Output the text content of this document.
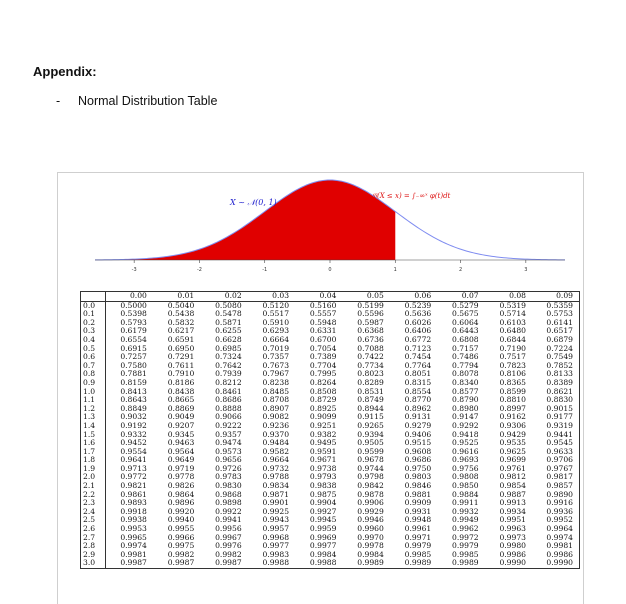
Appendix:
-	Normal Distribution Table
-3	-2	-1	0	1	2	3
X ~ 𝒩(0, 1)
𝔓(X ≤ x) = ∫₋∞ˣ φ(t)dt
	0.00	0.01	0.02	0.03	0.04	0.05	0.06	0.07	0.08	0.09
0.0	0.5000	0.5040	0.5080	0.5120	0.5160	0.5199	0.5239	0.5279	0.5319	0.5359
0.1	0.5398	0.5438	0.5478	0.5517	0.5557	0.5596	0.5636	0.5675	0.5714	0.5753
0.2	0.5793	0.5832	0.5871	0.5910	0.5948	0.5987	0.6026	0.6064	0.6103	0.6141
0.3	0.6179	0.6217	0.6255	0.6293	0.6331	0.6368	0.6406	0.6443	0.6480	0.6517
0.4	0.6554	0.6591	0.6628	0.6664	0.6700	0.6736	0.6772	0.6808	0.6844	0.6879
0.5	0.6915	0.6950	0.6985	0.7019	0.7054	0.7088	0.7123	0.7157	0.7190	0.7224
0.6	0.7257	0.7291	0.7324	0.7357	0.7389	0.7422	0.7454	0.7486	0.7517	0.7549
0.7	0.7580	0.7611	0.7642	0.7673	0.7704	0.7734	0.7764	0.7794	0.7823	0.7852
0.8	0.7881	0.7910	0.7939	0.7967	0.7995	0.8023	0.8051	0.8078	0.8106	0.8133
0.9	0.8159	0.8186	0.8212	0.8238	0.8264	0.8289	0.8315	0.8340	0.8365	0.8389
1.0	0.8413	0.8438	0.8461	0.8485	0.8508	0.8531	0.8554	0.8577	0.8599	0.8621
1.1	0.8643	0.8665	0.8686	0.8708	0.8729	0.8749	0.8770	0.8790	0.8810	0.8830
1.2	0.8849	0.8869	0.8888	0.8907	0.8925	0.8944	0.8962	0.8980	0.8997	0.9015
1.3	0.9032	0.9049	0.9066	0.9082	0.9099	0.9115	0.9131	0.9147	0.9162	0.9177
1.4	0.9192	0.9207	0.9222	0.9236	0.9251	0.9265	0.9279	0.9292	0.9306	0.9319
1.5	0.9332	0.9345	0.9357	0.9370	0.9382	0.9394	0.9406	0.9418	0.9429	0.9441
1.6	0.9452	0.9463	0.9474	0.9484	0.9495	0.9505	0.9515	0.9525	0.9535	0.9545
1.7	0.9554	0.9564	0.9573	0.9582	0.9591	0.9599	0.9608	0.9616	0.9625	0.9633
1.8	0.9641	0.9649	0.9656	0.9664	0.9671	0.9678	0.9686	0.9693	0.9699	0.9706
1.9	0.9713	0.9719	0.9726	0.9732	0.9738	0.9744	0.9750	0.9756	0.9761	0.9767
2.0	0.9772	0.9778	0.9783	0.9788	0.9793	0.9798	0.9803	0.9808	0.9812	0.9817
2.1	0.9821	0.9826	0.9830	0.9834	0.9838	0.9842	0.9846	0.9850	0.9854	0.9857
2.2	0.9861	0.9864	0.9868	0.9871	0.9875	0.9878	0.9881	0.9884	0.9887	0.9890
2.3	0.9893	0.9896	0.9898	0.9901	0.9904	0.9906	0.9909	0.9911	0.9913	0.9916
2.4	0.9918	0.9920	0.9922	0.9925	0.9927	0.9929	0.9931	0.9932	0.9934	0.9936
2.5	0.9938	0.9940	0.9941	0.9943	0.9945	0.9946	0.9948	0.9949	0.9951	0.9952
2.6	0.9953	0.9955	0.9956	0.9957	0.9959	0.9960	0.9961	0.9962	0.9963	0.9964
2.7	0.9965	0.9966	0.9967	0.9968	0.9969	0.9970	0.9971	0.9972	0.9973	0.9974
2.8	0.9974	0.9975	0.9976	0.9977	0.9977	0.9978	0.9979	0.9979	0.9980	0.9981
2.9	0.9981	0.9982	0.9982	0.9983	0.9984	0.9984	0.9985	0.9985	0.9986	0.9986
3.0	0.9987	0.9987	0.9987	0.9988	0.9988	0.9989	0.9989	0.9989	0.9990	0.9990
